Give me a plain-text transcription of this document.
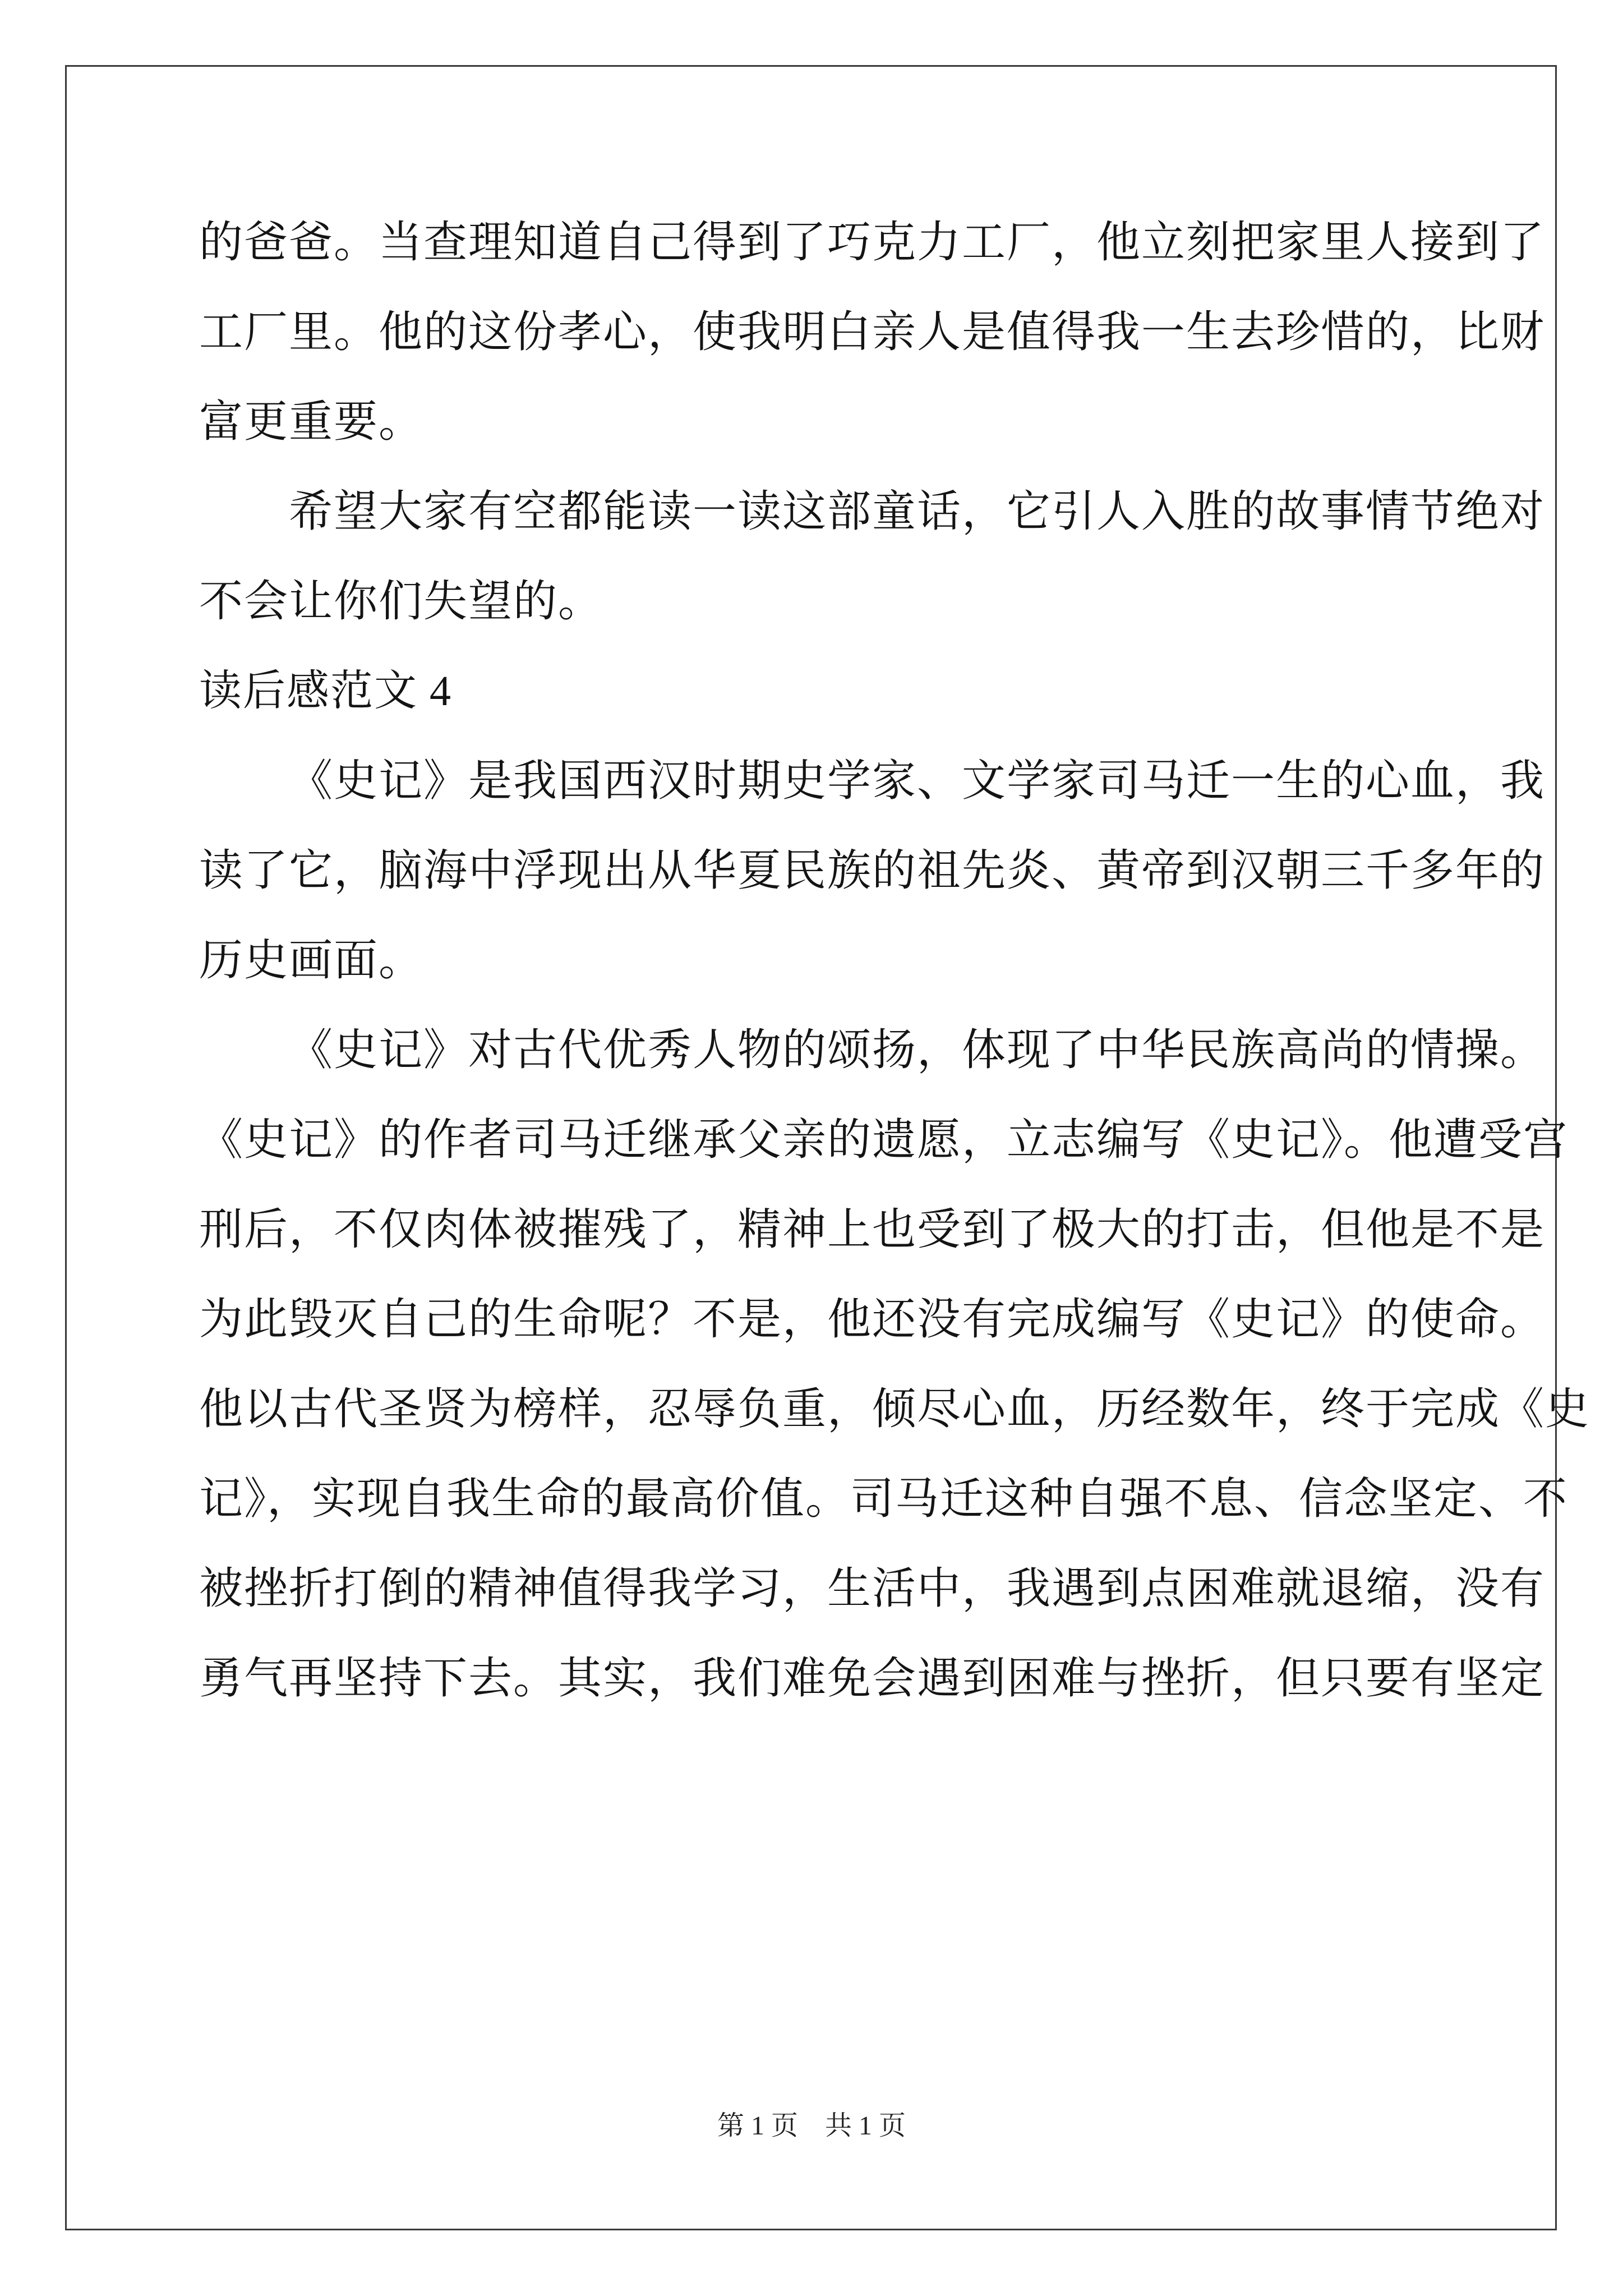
的爸爸。当查理知道自己得到了巧克力工厂，他立刻把家里人接到了
工厂里。他的这份孝心，使我明白亲人是值得我一生去珍惜的，比财
富更重要。
希望大家有空都能读一读这部童话，它引人入胜的故事情节绝对
不会让你们失望的。
读后感范文 4
《史记》是我国西汉时期史学家、文学家司马迁一生的心血，我
读了它，脑海中浮现出从华夏民族的祖先炎、黄帝到汉朝三千多年的
历史画面。
《史记》对古代优秀人物的颂扬，体现了中华民族高尚的情操。
《史记》的作者司马迁继承父亲的遗愿，立志编写《史记》。他遭受宫
刑后，不仅肉体被摧残了，精神上也受到了极大的打击，但他是不是
为此毁灭自己的生命呢？不是，他还没有完成编写《史记》的使命。
他以古代圣贤为榜样，忍辱负重，倾尽心血，历经数年，终于完成《史
记》，实现自我生命的最高价值。司马迁这种自强不息、信念坚定、不
被挫折打倒的精神值得我学习，生活中，我遇到点困难就退缩，没有
勇气再坚持下去。其实，我们难免会遇到困难与挫折，但只要有坚定
第 1 页　共 1 页
